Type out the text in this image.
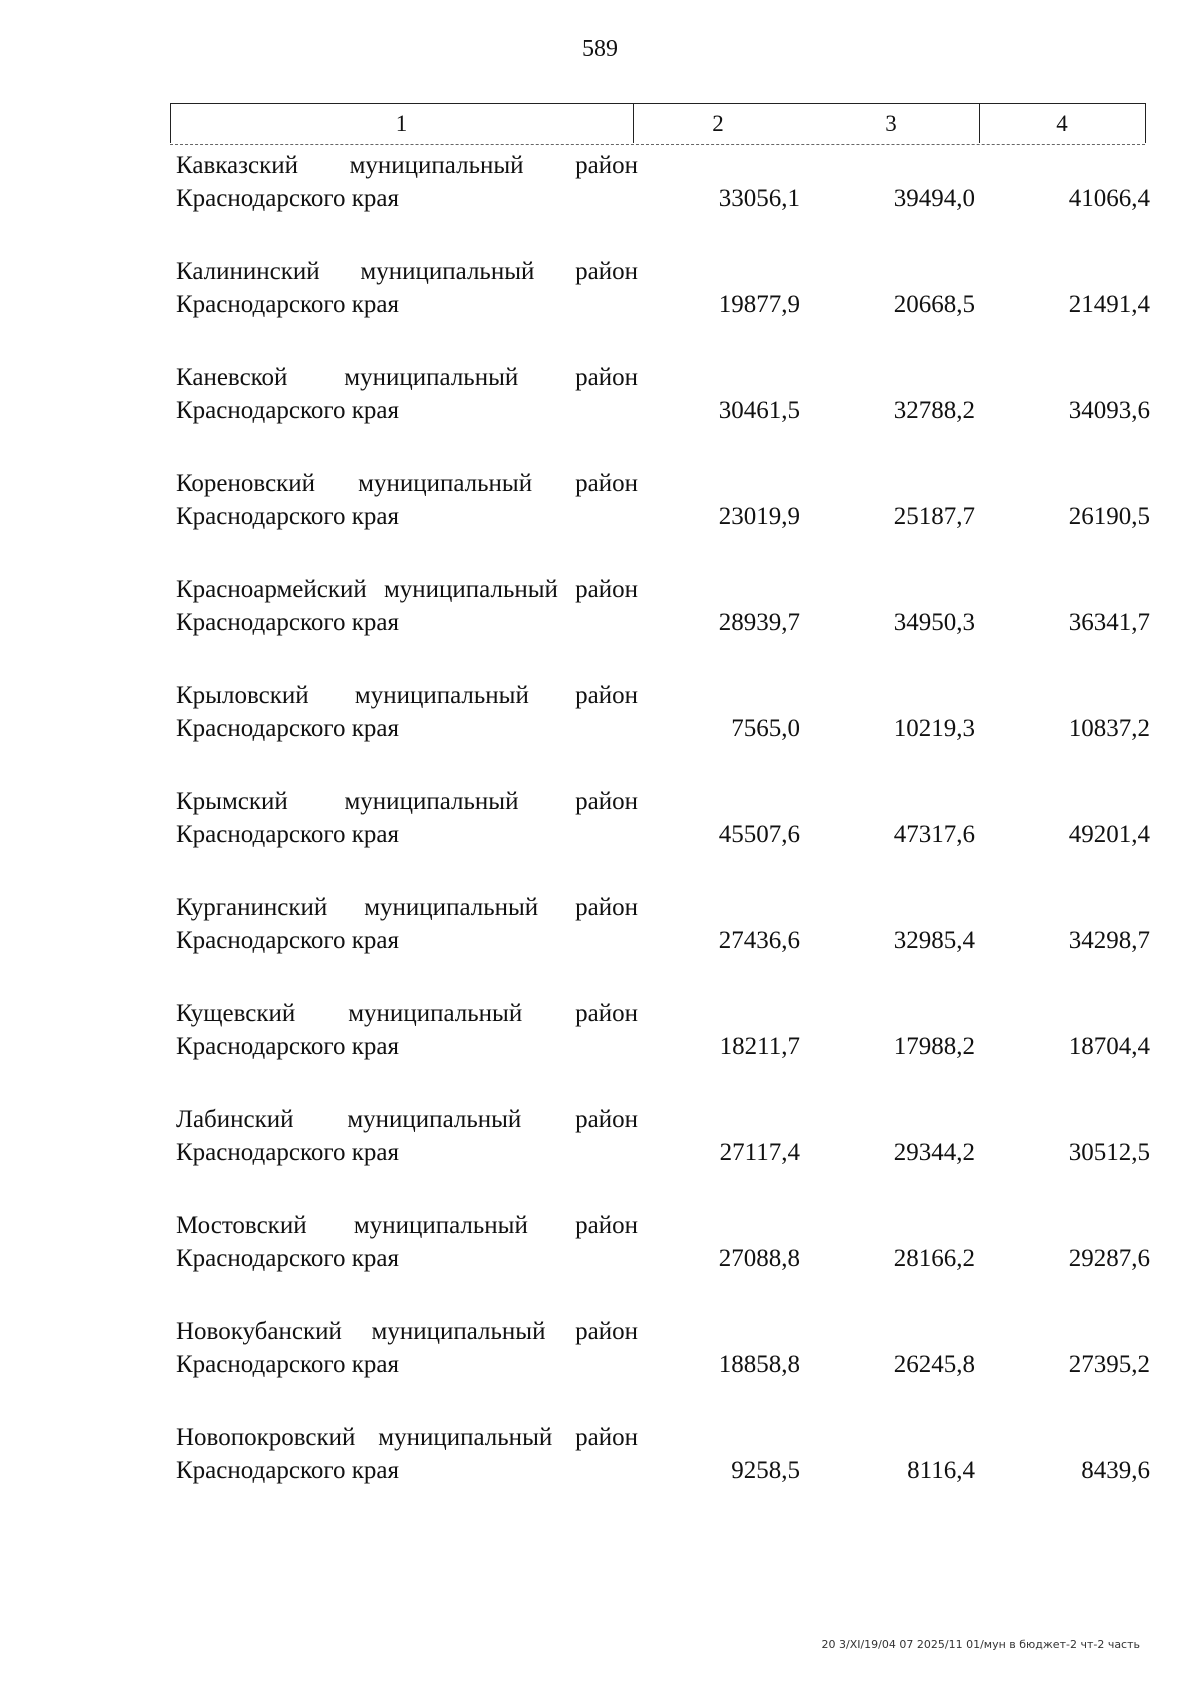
589
1	2	3	4
Кавказский муниципальный район Краснодарского края	33056,1	39494,0	41066,4
Калининский муниципальный район Краснодарского края	19877,9	20668,5	21491,4
Каневской муниципальный район Краснодарского края	30461,5	32788,2	34093,6
Кореновский муниципальный район Краснодарского края	23019,9	25187,7	26190,5
Красноармейский муниципальный район Краснодарского края	28939,7	34950,3	36341,7
Крыловский муниципальный район Краснодарского края	7565,0	10219,3	10837,2
Крымский муниципальный район Краснодарского края	45507,6	47317,6	49201,4
Курганинский муниципальный район Краснодарского края	27436,6	32985,4	34298,7
Кущевский муниципальный район Краснодарского края	18211,7	17988,2	18704,4
Лабинский муниципальный район Краснодарского края	27117,4	29344,2	30512,5
Мостовский муниципальный район Краснодарского края	27088,8	28166,2	29287,6
Новокубанский муниципальный район Краснодарского края	18858,8	26245,8	27395,2
Новопокровский муниципальный район Краснодарского края	9258,5	8116,4	8439,6
20 3/XI/19/04 07 2025/11 01/мун в бюджет-2 чт-2 часть
